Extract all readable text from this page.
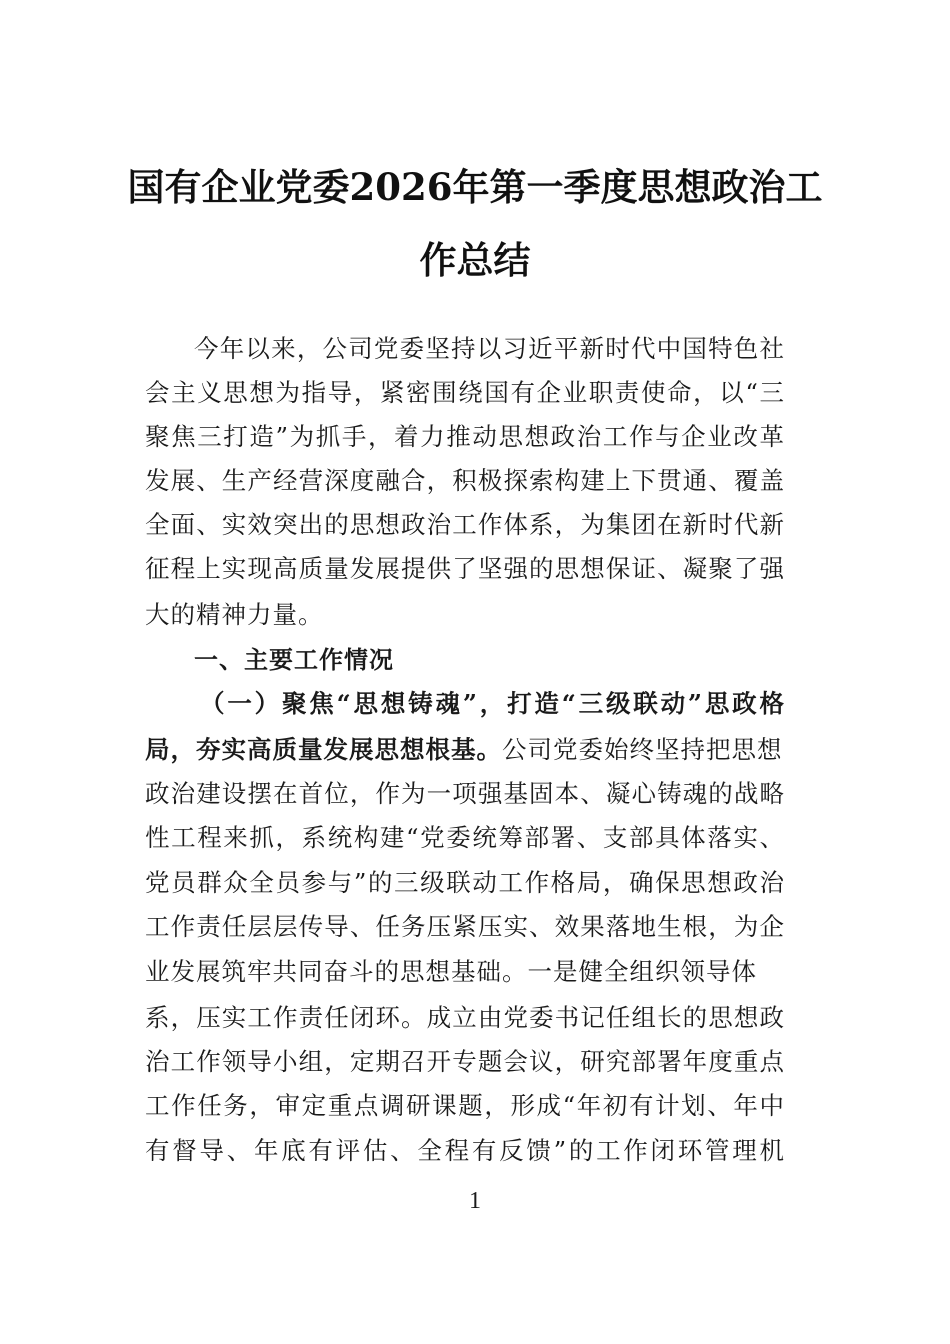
国有企业党委2026年第一季度思想政治工
作总结
今年以来，公司党委坚持以习近平新时代中国特色社
会主义思想为指导，紧密围绕国有企业职责使命，以“三
聚焦三打造”为抓手，着力推动思想政治工作与企业改革
发展、生产经营深度融合，积极探索构建上下贯通、覆盖
全面、实效突出的思想政治工作体系，为集团在新时代新
征程上实现高质量发展提供了坚强的思想保证、凝聚了强
大的精神力量。
一、主要工作情况
（一）聚焦“思想铸魂”，打造“三级联动”思政格
局，夯实高质量发展思想根基。公司党委始终坚持把思想
政治建设摆在首位，作为一项强基固本、凝心铸魂的战略
性工程来抓，系统构建“党委统筹部署、支部具体落实、
党员群众全员参与”的三级联动工作格局，确保思想政治
工作责任层层传导、任务压紧压实、效果落地生根，为企
业发展筑牢共同奋斗的思想基础。一是健全组织领导体
系，压实工作责任闭环。成立由党委书记任组长的思想政
治工作领导小组，定期召开专题会议，研究部署年度重点
工作任务，审定重点调研课题，形成“年初有计划、年中
有督导、年底有评估、全程有反馈”的工作闭环管理机
1
